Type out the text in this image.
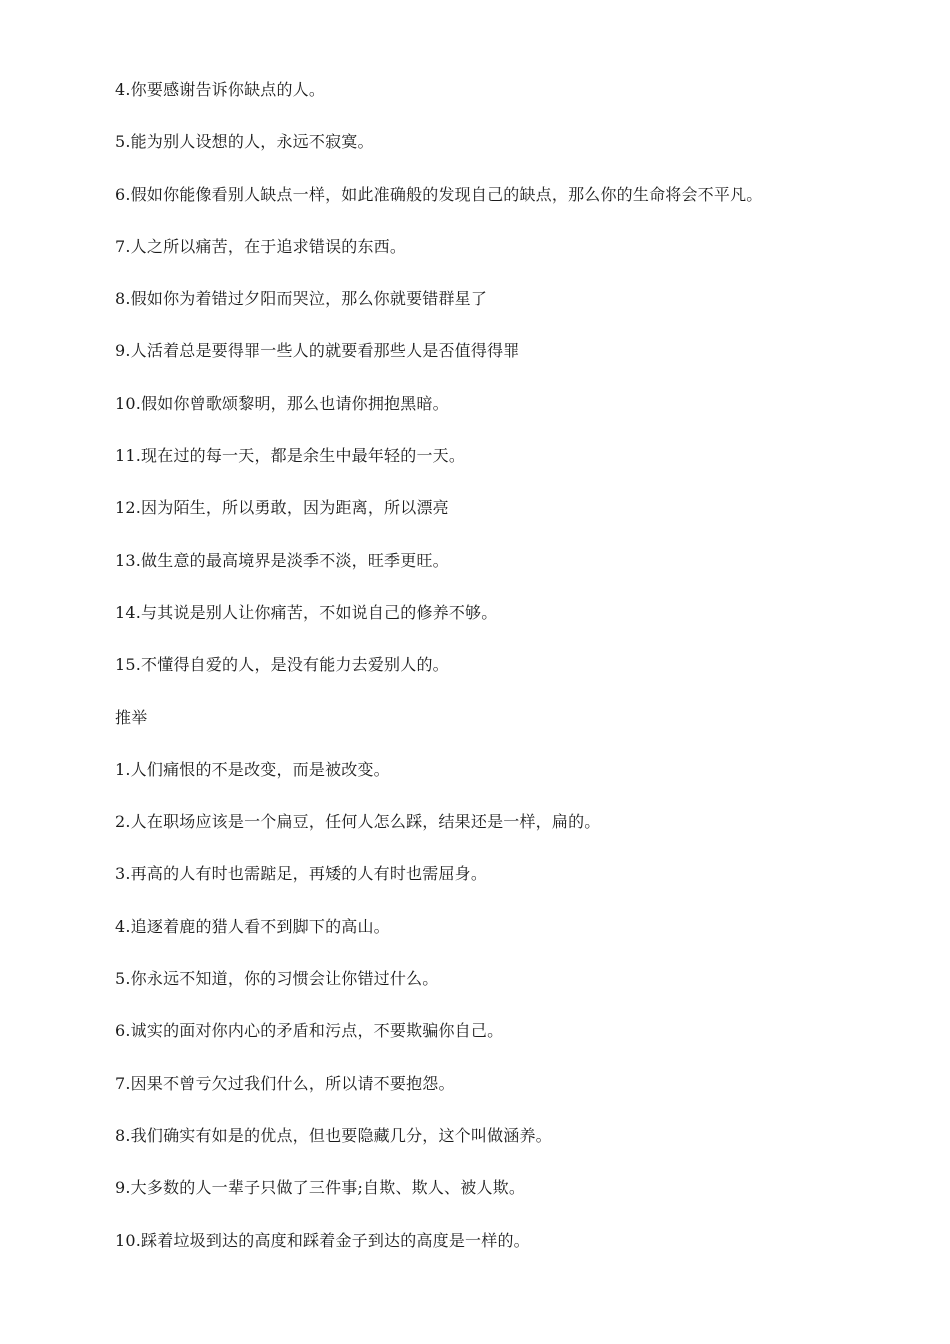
4.你要感谢告诉你缺点的人。
5.能为别人设想的人，永远不寂寞。
6.假如你能像看别人缺点一样，如此准确般的发现自己的缺点，那么你的生命将会不平凡。
7.人之所以痛苦，在于追求错误的东西。
8.假如你为着错过夕阳而哭泣，那么你就要错群星了
9.人活着总是要得罪一些人的就要看那些人是否值得得罪
10.假如你曾歌颂黎明，那么也请你拥抱黑暗。
11.现在过的每一天，都是余生中最年轻的一天。
12.因为陌生，所以勇敢，因为距离，所以漂亮
13.做生意的最高境界是淡季不淡，旺季更旺。
14.与其说是别人让你痛苦，不如说自己的修养不够。
15.不懂得自爱的人，是没有能力去爱别人的。
推举
1.人们痛恨的不是改变，而是被改变。
2.人在职场应该是一个扁豆，任何人怎么踩，结果还是一样，扁的。
3.再高的人有时也需踮足，再矮的人有时也需屈身。
4.追逐着鹿的猎人看不到脚下的高山。
5.你永远不知道，你的习惯会让你错过什么。
6.诚实的面对你内心的矛盾和污点，不要欺骗你自己。
7.因果不曾亏欠过我们什么，所以请不要抱怨。
8.我们确实有如是的优点，但也要隐藏几分，这个叫做涵养。
9.大多数的人一辈子只做了三件事;自欺、欺人、被人欺。
10.踩着垃圾到达的高度和踩着金子到达的高度是一样的。
